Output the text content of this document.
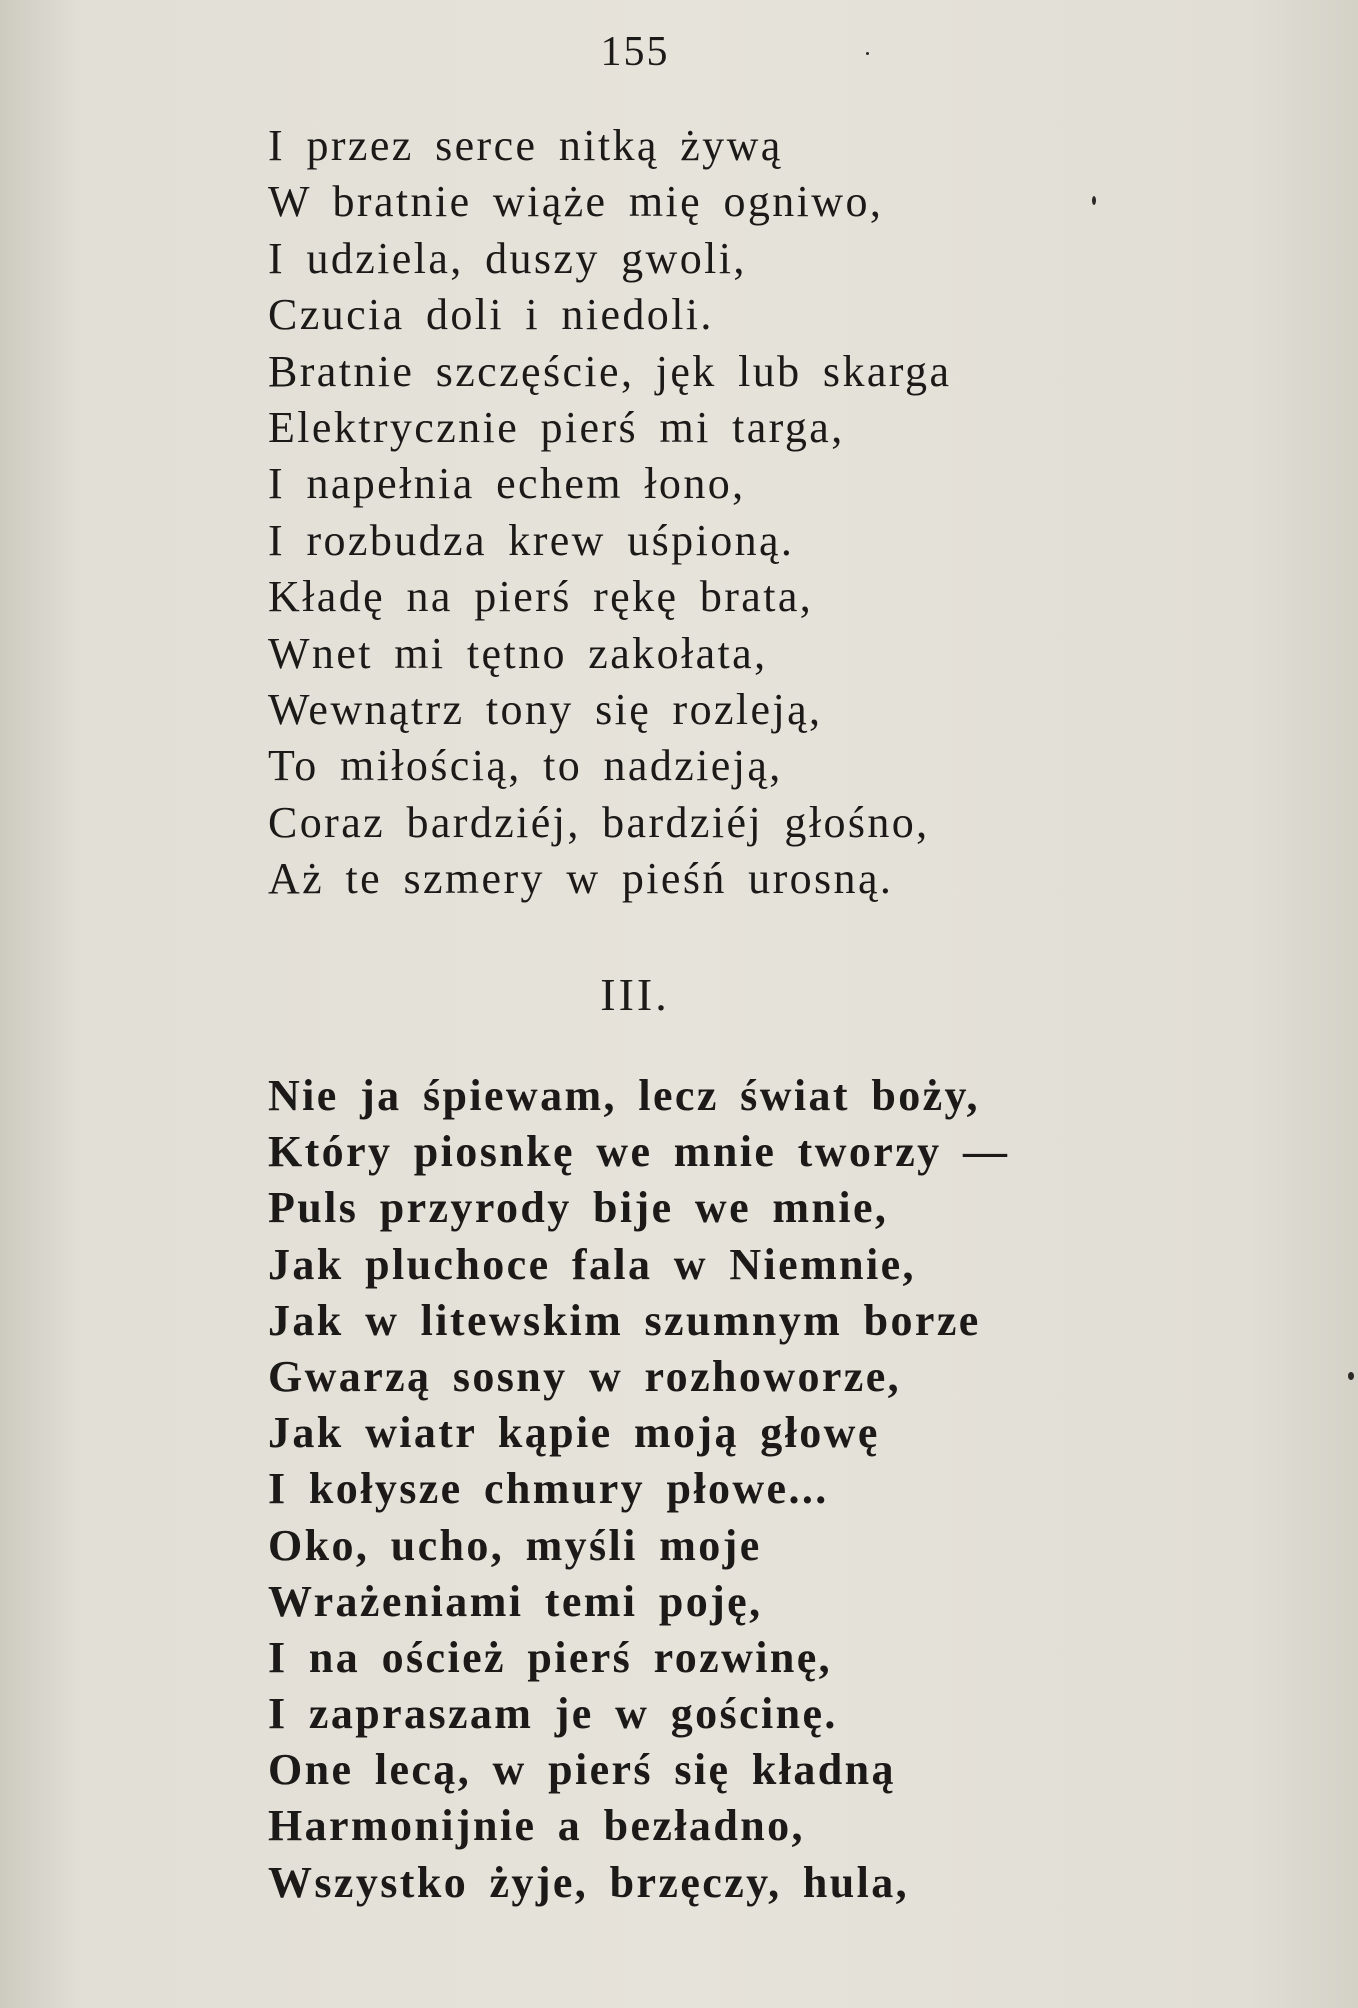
155
I przez serce nitką żywą
W bratnie wiąże mię ogniwo,
I udziela, duszy gwoli,
Czucia doli i niedoli.
Bratnie szczęście, jęk lub skarga
Elektrycznie pierś mi targa,
I napełnia echem łono,
I rozbudza krew uśpioną.
Kładę na pierś rękę brata,
Wnet mi tętno zakołata,
Wewnątrz tony się rozleją,
To miłością, to nadzieją,
Coraz bardziéj, bardziéj głośno,
Aż te szmery w pieśń urosną.
III.
Nie ja śpiewam, lecz świat boży,
Który piosnkę we mnie tworzy —
Puls przyrody bije we mnie,
Jak pluchoce fala w Niemnie,
Jak w litewskim szumnym borze
Gwarzą sosny w rozhoworze,
Jak wiatr kąpie moją głowę
I kołysze chmury płowe...
Oko, ucho, myśli moje
Wrażeniami temi poję,
I na oścież pierś rozwinę,
I zapraszam je w gościnę.
One lecą, w pierś się kładną
Harmonijnie a bezładno,
Wszystko żyje, brzęczy, hula,
